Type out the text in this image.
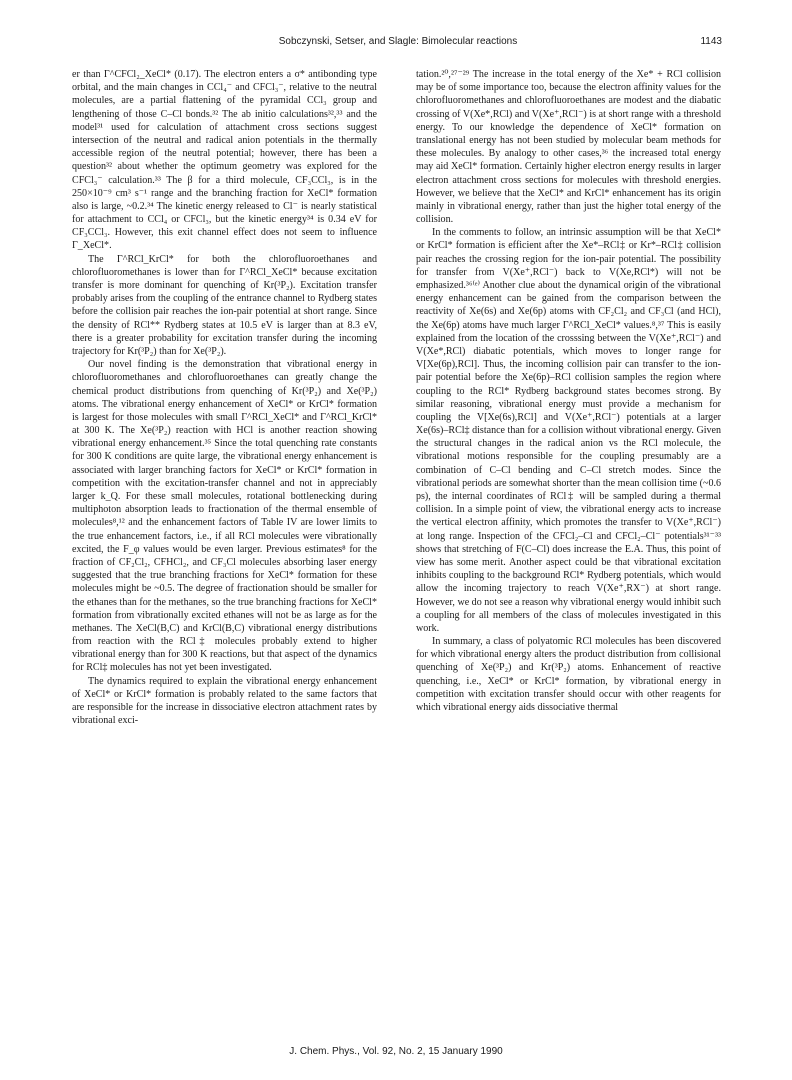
Sobczynski, Setser, and Slagle: Bimolecular reactions	1143

er than Γ^CFCl₂_XeCl* (0.17). The electron enters a σ* antibonding type orbital, and the main changes in CCl₄⁻ and CFCl₃⁻, relative to the neutral molecules, are a partial flattening of the pyramidal CCl₃ group and lengthening of those C–Cl bonds.³² The ab initio calculations³²,³³ and the model³¹ used for calculation of attachment cross sections suggest intersection of the neutral and radical anion potentials in the thermally accessible region of the neutral potential; however, there has been a question³² about whether the optimum geometry was explored for the CFCl₃⁻ calculation.³³ The β for a third molecule, CF₃CCl₃, is in the 250×10⁻⁹ cm³ s⁻¹ range and the branching fraction for XeCl* formation also is large, ~0.2.³⁴ The kinetic energy released to Cl⁻ is nearly statistical for attachment to CCl₄ or CFCl₃, but the kinetic energy³⁴ is 0.34 eV for CF₃CCl₃. However, this exit channel effect does not seem to influence Γ_XeCl*.

The Γ^RCl_KrCl* for both the chlorofluoroethanes and chlorofluoromethanes is lower than for Γ^RCl_XeCl* because excitation transfer is more dominant for quenching of Kr(³P₂). Excitation transfer probably arises from the coupling of the entrance channel to Rydberg states before the collision pair reaches the ion-pair potential at short range. Since the density of RCl** Rydberg states at 10.5 eV is larger than at 8.3 eV, there is a greater probability for excitation transfer during the incoming trajectory for Kr(³P₂) than for Xe(³P₂).

Our novel finding is the demonstration that vibrational energy in chlorofluoromethanes and chlorofluoroethanes can greatly change the chemical product distributions from quenching of Kr(³P₂) and Xe(³P₂) atoms. The vibrational energy enhancement of XeCl* or KrCl* formation is largest for those molecules with small Γ^RCl_XeCl* and Γ^RCl_KrCl* at 300 K. The Xe(³P₂) reaction with HCl is another reaction showing vibrational energy enhancement.³⁵ Since the total quenching rate constants for 300 K conditions are quite large, the vibrational energy enhancement is associated with larger branching factors for XeCl* or KrCl* formation in competition with the excitation-transfer channel and not in appreciably larger k_Q. For these small molecules, rotational bottlenecking during multiphoton absorption leads to fractionation of the thermal ensemble of molecules⁸,¹² and the enhancement factors of Table IV are lower limits to the true enhancement factors, i.e., if all RCl molecules were vibrationally excited, the F_φ values would be even larger. Previous estimates⁸ for the fraction of CF₂Cl₂, CFHCl₂, and CF₃Cl molecules absorbing laser energy suggested that the true branching fractions for XeCl* formation for these molecules might be ~0.5. The degree of fractionation should be smaller for the ethanes than for the methanes, so the true branching fractions for XeCl* formation from vibrationally excited ethanes will not be as large as for the methanes. The XeCl(B,C) and KrCl(B,C) vibrational energy distributions from reaction with the RCl‡ molecules probably extend to higher vibrational energy than for 300 K reactions, but that aspect of the dynamics for RCl‡ molecules has not yet been investigated.

The dynamics required to explain the vibrational energy enhancement of XeCl* or KrCl* formation is probably related to the same factors that are responsible for the increase in dissociative electron attachment rates by vibrational exci-

tation.²⁰,²⁷⁻²⁹ The increase in the total energy of the Xe* + RCl collision may be of some importance too, because the electron affinity values for the chlorofluoromethanes and chlorofluoroethanes are modest and the diabatic crossing of V(Xe*,RCl) and V(Xe⁺,RCl⁻) is at short range with a threshold energy. To our knowledge the dependence of XeCl* formation on translational energy has not been studied by molecular beam methods for these molecules. By analogy to other cases,³⁶ the increased total energy may aid XeCl* formation. Certainly higher electron energy results in larger electron attachment cross sections for molecules with threshold energies. However, we believe that the XeCl* and KrCl* enhancement has its origin mainly in vibrational energy, rather than just the higher total energy of the collision.

In the comments to follow, an intrinsic assumption will be that XeCl* or KrCl* formation is efficient after the Xe*–RCl‡ or Kr*–RCl‡ collision pair reaches the crossing region for the ion-pair potential. The possibility for transfer from V(Xe⁺,RCl⁻) back to V(Xe,RCl*) will not be emphasized.³⁶⁽ᵉ⁾ Another clue about the dynamical origin of the vibrational energy enhancement can be gained from the comparison between the reactivity of Xe(6s) and Xe(6p) atoms with CF₂Cl₂ and CF₃Cl (and HCl), the Xe(6p) atoms have much larger Γ^RCl_XeCl* values.⁸,³⁷ This is easily explained from the location of the crosssing between the V(Xe⁺,RCl⁻) and V(Xe*,RCl) diabatic potentials, which moves to longer range for V[Xe(6p),RCl]. Thus, the incoming collision pair can transfer to the ion-pair potential before the Xe(6p)–RCl collision samples the region where coupling to the RCl* Rydberg background states becomes strong. By similar reasoning, vibrational energy must provide a mechanism for coupling the V[Xe(6s),RCl] and V(Xe⁺,RCl⁻) potentials at a larger Xe(6s)–RCl‡ distance than for a collision without vibrational energy. Given the structural changes in the radical anion vs the RCl molecule, the vibrational motions responsible for the coupling presumably are a combination of C–Cl bending and C–Cl stretch modes. Since the vibrational periods are somewhat shorter than the mean collision time (~0.6 ps), the internal coordinates of RCl‡ will be sampled during a thermal collision. In a simple point of view, the vibrational energy acts to increase the vertical electron affinity, which promotes the transfer to V(Xe⁺,RCl⁻) at long range. Inspection of the CFCl₂–Cl and CFCl₂–Cl⁻ potentials³¹⁻³³ shows that stretching of F(C–Cl) does increase the E.A. Thus, this point of view has some merit. Another aspect could be that vibrational excitation inhibits coupling to the background RCl* Rydberg potentials, which would allow the incoming trajectory to reach V(Xe⁺,RX⁻) at short range. However, we do not see a reason why vibrational energy would inhibit such a coupling for all members of the class of molecules investigated in this work.

In summary, a class of polyatomic RCl molecules has been discovered for which vibrational energy alters the product distribution from collisional quenching of Xe(³P₂) and Kr(³P₂) atoms. Enhancement of reactive quenching, i.e., XeCl* or KrCl* formation, by vibrational energy in competition with excitation transfer should occur with other reagents for which vibrational energy aids dissociative thermal

J. Chem. Phys., Vol. 92, No. 2, 15 January 1990
